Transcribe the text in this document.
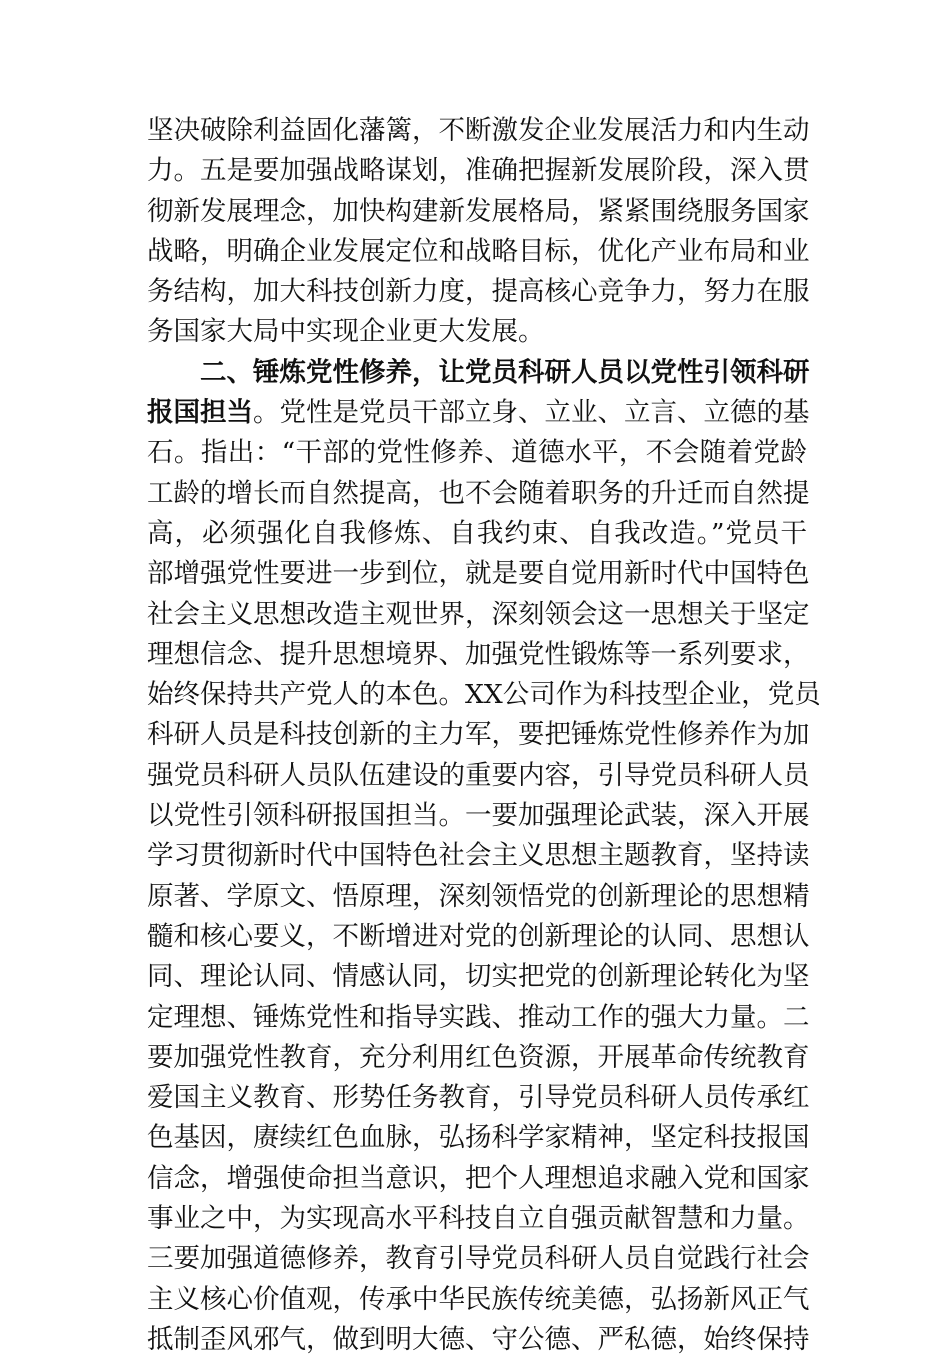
坚决破除利益固化藩篱，不断激发企业发展活力和内生动
力。五是要加强战略谋划，准确把握新发展阶段，深入贯
彻新发展理念，加快构建新发展格局，紧紧围绕服务国家
战略，明确企业发展定位和战略目标，优化产业布局和业
务结构，加大科技创新力度，提高核心竞争力，努力在服
务国家大局中实现企业更大发展。
二、锤炼党性修养，让党员科研人员以党性引领科研
报国担当。党性是党员干部立身、立业、立言、立德的基
石。指出：“干部的党性修养、道德水平，不会随着党龄
工龄的增长而自然提高，也不会随着职务的升迁而自然提
高，必须强化自我修炼、自我约束、自我改造。”党员干
部增强党性要进一步到位，就是要自觉用新时代中国特色
社会主义思想改造主观世界，深刻领会这一思想关于坚定
理想信念、提升思想境界、加强党性锻炼等一系列要求，
始终保持共产党人的本色。XX公司作为科技型企业，党员
科研人员是科技创新的主力军，要把锤炼党性修养作为加
强党员科研人员队伍建设的重要内容，引导党员科研人员
以党性引领科研报国担当。一要加强理论武装，深入开展
学习贯彻新时代中国特色社会主义思想主题教育，坚持读
原著、学原文、悟原理，深刻领悟党的创新理论的思想精
髓和核心要义，不断增进对党的创新理论的认同、思想认
同、理论认同、情感认同，切实把党的创新理论转化为坚
定理想、锤炼党性和指导实践、推动工作的强大力量。二
要加强党性教育，充分利用红色资源，开展革命传统教育
爱国主义教育、形势任务教育，引导党员科研人员传承红
色基因，赓续红色血脉，弘扬科学家精神，坚定科技报国
信念，增强使命担当意识，把个人理想追求融入党和国家
事业之中，为实现高水平科技自立自强贡献智慧和力量。
三要加强道德修养，教育引导党员科研人员自觉践行社会
主义核心价值观，传承中华民族传统美德，弘扬新风正气
抵制歪风邪气，做到明大德、守公德、严私德，始终保持
